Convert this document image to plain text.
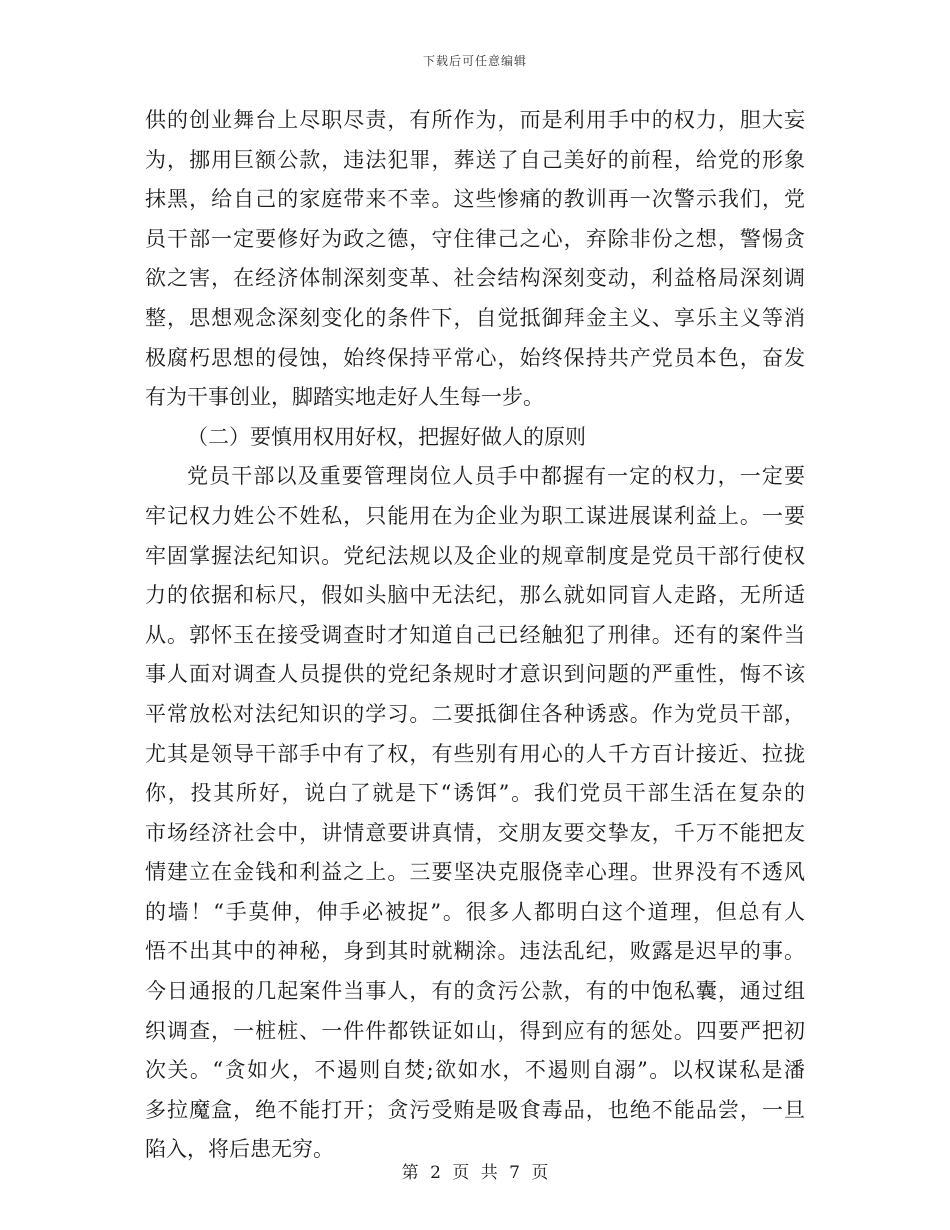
下载后可任意编辑
供的创业舞台上尽职尽责，有所作为，而是利用手中的权力，胆大妄
为，挪用巨额公款，违法犯罪，葬送了自己美好的前程，给党的形象
抹黑，给自己的家庭带来不幸。这些惨痛的教训再一次警示我们，党
员干部一定要修好为政之德，守住律己之心，弃除非份之想，警惕贪
欲之害，在经济体制深刻变革、社会结构深刻变动，利益格局深刻调
整，思想观念深刻变化的条件下，自觉抵御拜金主义、享乐主义等消
极腐朽思想的侵蚀，始终保持平常心，始终保持共产党员本色，奋发
有为干事创业，脚踏实地走好人生每一步。
（二）要慎用权用好权，把握好做人的原则
党员干部以及重要管理岗位人员手中都握有一定的权力，一定要
牢记权力姓公不姓私，只能用在为企业为职工谋进展谋利益上。一要
牢固掌握法纪知识。党纪法规以及企业的规章制度是党员干部行使权
力的依据和标尺，假如头脑中无法纪，那么就如同盲人走路，无所适
从。郭怀玉在接受调查时才知道自己已经触犯了刑律。还有的案件当
事人面对调查人员提供的党纪条规时才意识到问题的严重性，悔不该
平常放松对法纪知识的学习。二要抵御住各种诱惑。作为党员干部，
尤其是领导干部手中有了权，有些别有用心的人千方百计接近、拉拢
你，投其所好，说白了就是下“诱饵”。我们党员干部生活在复杂的
市场经济社会中，讲情意要讲真情，交朋友要交挚友，千万不能把友
情建立在金钱和利益之上。三要坚决克服侥幸心理。世界没有不透风
的墙！“手莫伸，伸手必被捉”。很多人都明白这个道理，但总有人
悟不出其中的神秘，身到其时就糊涂。违法乱纪，败露是迟早的事。
今日通报的几起案件当事人，有的贪污公款，有的中饱私囊，通过组
织调查，一桩桩、一件件都铁证如山，得到应有的惩处。四要严把初
次关。“贪如火，不遏则自焚;欲如水，不遏则自溺”。以权谋私是潘
多拉魔盒，绝不能打开；贪污受贿是吸食毒品，也绝不能品尝，一旦
陷入，将后患无穷。
第 2 页 共 7 页
